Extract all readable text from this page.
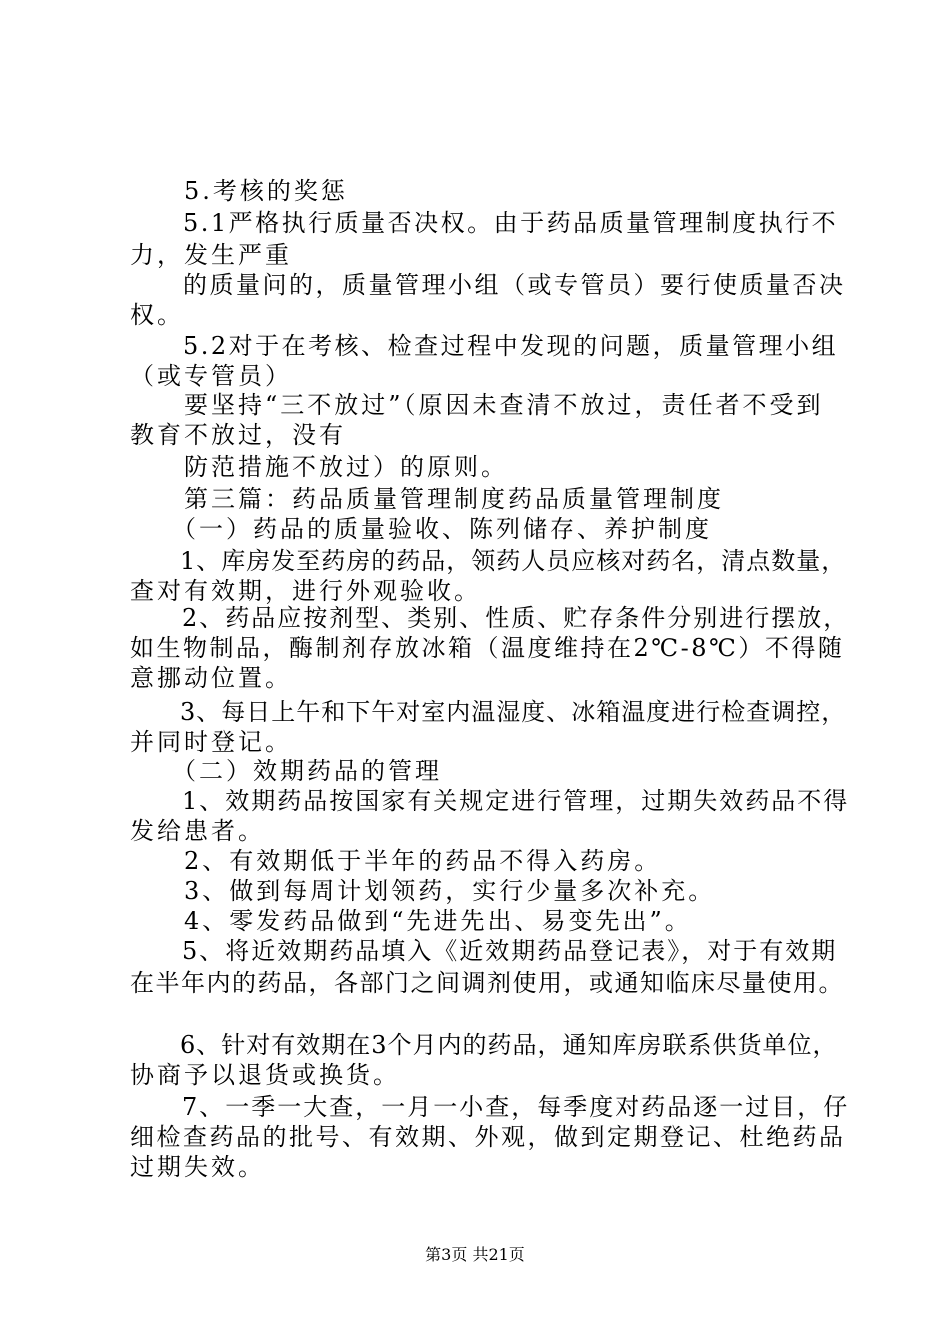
　　5.考核的奖惩
　　5.1严格执行质量否决权。由于药品质量管理制度执行不
力，发生严重
　　的质量问的，质量管理小组（或专管员）要行使质量否决
权。
　　5.2对于在考核、检查过程中发现的问题，质量管理小组
（或专管员）
　　要坚持“三不放过”（原因未查清不放过，责任者不受到
教育不放过，没有
　　防范措施不放过）的原则。
　　第三篇：药品质量管理制度药品质量管理制度
　　（一）药品的质量验收、陈列储存、养护制度
　　1、库房发至药房的药品，领药人员应核对药名，清点数量，
查对有效期，进行外观验收。
　　2、药品应按剂型、类别、性质、贮存条件分别进行摆放，
如生物制品，酶制剂存放冰箱（温度维持在2℃-8℃）不得随
意挪动位置。
　　3、每日上午和下午对室内温湿度、冰箱温度进行检查调控，
并同时登记。
　　（二）效期药品的管理
　　1、效期药品按国家有关规定进行管理，过期失效药品不得
发给患者。
　　2、有效期低于半年的药品不得入药房。
　　3、做到每周计划领药，实行少量多次补充。
　　4、零发药品做到“先进先出、易变先出”。
　　5、将近效期药品填入《近效期药品登记表》，对于有效期
在半年内的药品，各部门之间调剂使用，或通知临床尽量使用。
　　6、针对有效期在3个月内的药品，通知库房联系供货单位，
协商予以退货或换货。
　　7、一季一大查，一月一小查，每季度对药品逐一过目，仔
细检查药品的批号、有效期、外观，做到定期登记、杜绝药品
过期失效。
第3页 共21页
